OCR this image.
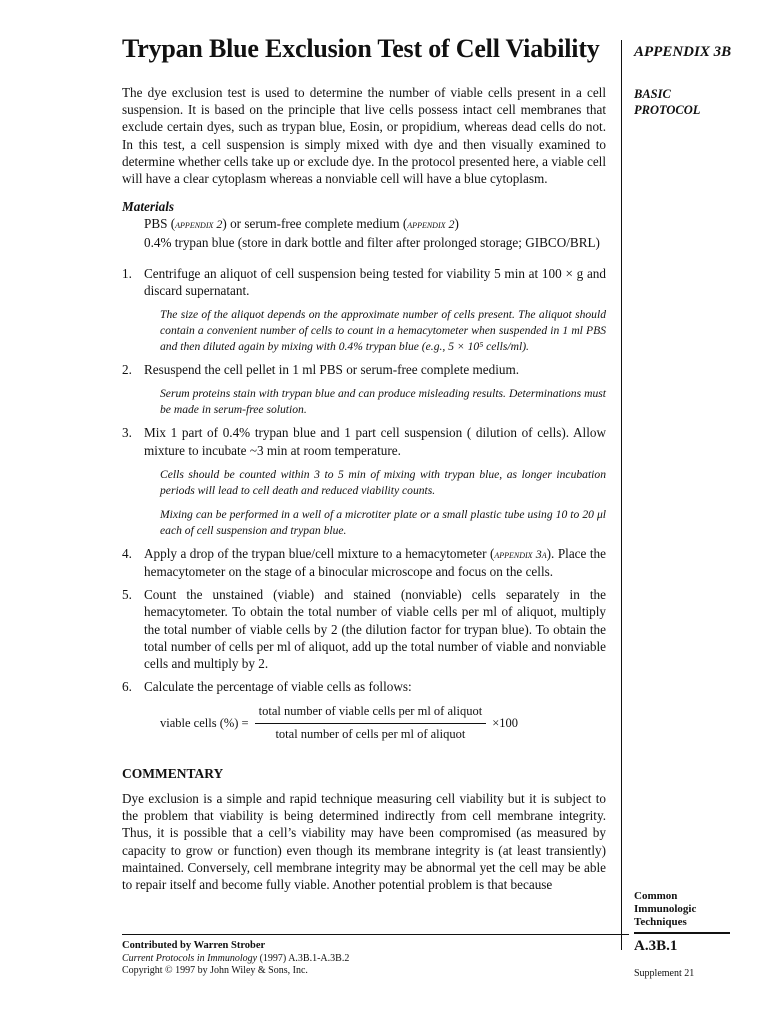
Trypan Blue Exclusion Test of Cell Viability APPENDIX 3B
BASIC
PROTOCOL
Common
Immunologic
Techniques
A.3B.1
Supplement 21

The dye exclusion test is used to determine the number of viable cells present in a cell suspension. It is based on the principle that live cells possess intact cell membranes that exclude certain dyes, such as trypan blue, Eosin, or propidium, whereas dead cells do not. In this test, a cell suspension is simply mixed with dye and then visually examined to determine whether cells take up or exclude dye. In the protocol presented here, a viable cell will have a clear cytoplasm whereas a nonviable cell will have a blue cytoplasm.

Materials

PBS (appendix 2) or serum-free complete medium (appendix 2)

0.4% trypan blue (store in dark bottle and filter after prolonged storage; GIBCO/BRL)

1. Centrifuge an aliquot of cell suspension being tested for viability 5 min at 100 × g and discard supernatant.

The size of the aliquot depends on the approximate number of cells present. The aliquot should contain a convenient number of cells to count in a hemacytometer when suspended in 1 ml PBS and then diluted again by mixing with 0.4% trypan blue (e.g., 5 × 10⁵ cells/ml).

2. Resuspend the cell pellet in 1 ml PBS or serum-free complete medium.

Serum proteins stain with trypan blue and can produce misleading results. Determinations must be made in serum-free solution.

3. Mix 1 part of 0.4% trypan blue and 1 part cell suspension ( dilution of cells). Allow mixture to incubate ~3 min at room temperature.

Cells should be counted within 3 to 5 min of mixing with trypan blue, as longer incubation periods will lead to cell death and reduced viability counts.

Mixing can be performed in a well of a microtiter plate or a small plastic tube using 10 to 20 μl each of cell suspension and trypan blue.

4. Apply a drop of the trypan blue/cell mixture to a hemacytometer (appendix 3a). Place the hemacytometer on the stage of a binocular microscope and focus on the cells.
5. Count the unstained (viable) and stained (nonviable) cells separately in the hemacytometer. To obtain the total number of viable cells per ml of aliquot, multiply the total number of viable cells by 2 (the dilution factor for trypan blue). To obtain the total number of cells per ml of aliquot, add up the total number of viable and nonviable cells and multiply by 2.
6. Calculate the percentage of viable cells as follows:
viable cells (%) = $\frac{\text{total number of viable cells per ml of aliquot}}{\text{total number of cells per ml of aliquot}} \times 100$

COMMENTARY

Dye exclusion is a simple and rapid technique measuring cell viability but it is subject to the problem that viability is being determined indirectly from cell membrane integrity. Thus, it is possible that a cell’s viability may have been compromised (as measured by capacity to grow or function) even though its membrane integrity is (at least transiently) maintained. Conversely, cell membrane integrity may be abnormal yet the cell may be able to repair itself and become fully viable. Another potential problem is that because

Contributed by Warren Strober
Current Protocols in Immunology (1997) A.3B.1-A.3B.2
Copyright © 1997 by John Wiley & Sons, Inc.
